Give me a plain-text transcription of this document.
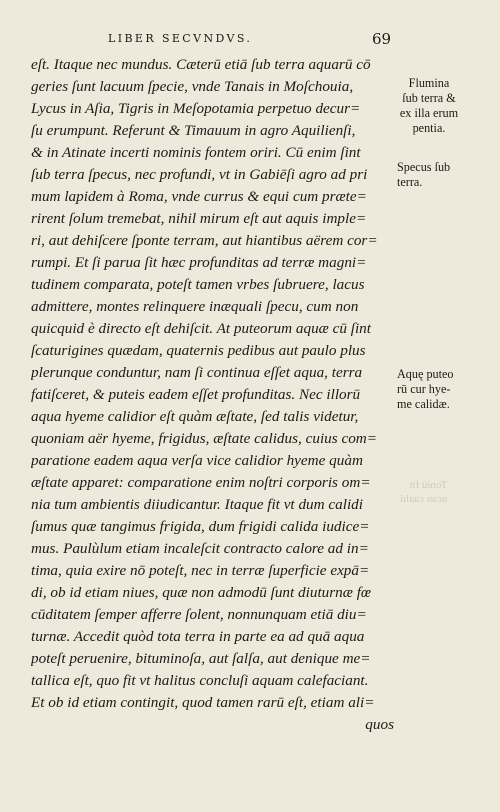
LIBER SECVNDVS.	69
eſt. Itaque nec mundus. Cæterū etiā ſub terra aquarū cō
geries ſunt lacuum ſpecie, vnde Tanais in Moſchouia,
Lycus in Aſia, Tigris in Meſopotamia perpetuo decur=
ſu erumpunt. Referunt & Timauum in agro Aquilienſi,
& in Atinate incerti nominis fontem oriri. Cū enim ſint
ſub terra ſpecus, nec profundi, vt in Gabiēſi agro ad pri
mum lapidem à Roma, vnde currus & equi cum præte=
rirent ſolum tremebat, nihil mirum eſt aut aquis imple=
ri, aut dehiſcere ſponte terram, aut hiantibus aërem cor=
rumpi. Et ſi parua ſit hæc profunditas ad terræ magni=
tudinem comparata, poteſt tamen vrbes ſubruere, lacus
admittere, montes relinquere inæquali ſpecu, cum non
quicquid è directo eſt dehiſcit. At puteorum aquæ cū ſint
ſcaturigines quædam, quaternis pedibus aut paulo plus
plerunque conduntur, nam ſi continua eſſet aqua, terra
fatiſceret, & puteis eadem eſſet profunditas. Nec illorū
aqua hyeme calidior eſt quàm æſtate, ſed talis videtur,
quoniam aër hyeme, frigidus, æſtate calidus, cuius com=
paratione eadem aqua verſa vice calidior hyeme quàm
æſtate apparet: comparatione enim noſtri corporis om=
nia tum ambientis diiudicantur. Itaque fit vt dum calidi
ſumus quæ tangimus frigida, dum frigidi calida iudice=
mus. Paulùlum etiam incaleſcit contracto calore ad in=
tima, quia exire nō poteſt, nec in terræ ſuperficie expā=
di, ob id etiam niues, quæ non admodū ſunt diuturnæ fœ
cūditatem ſemper afferre ſolent, nonnunquam etiā diu=
turnæ. Accedit quòd tota terra in parte ea ad quā aqua
poteſt peruenire, bituminoſa, aut ſalſa, aut denique me=
tallica eſt, quo fit vt halitus concluſi aquam calefaciant.
Et ob id etiam contingit, quod tamen rarū eſt, etiam ali=
quos
Flumina
ſub terra &
ex illa erum
pentia.
Specus ſub
terra.
Aquę puteo
rū cur hye-
me calidæ.
Toniü fit
ucau caalıi
